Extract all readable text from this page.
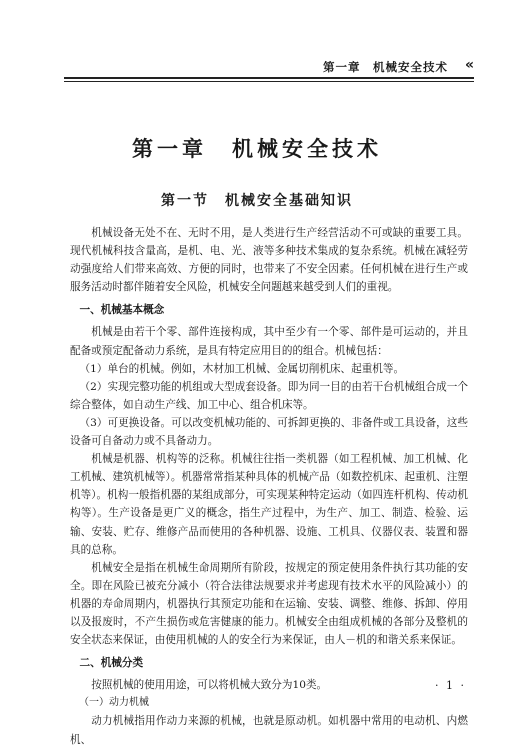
第一章　机械安全技术 «
第一章　机械安全技术
第一节　机械安全基础知识

机械设备无处不在、无时不用，是人类进行生产经营活动不可或缺的重要工具。现代机械科技含量高，是机、电、光、液等多种技术集成的复杂系统。机械在减轻劳动强度给人们带来高效、方便的同时，也带来了不安全因素。任何机械在进行生产或服务活动时都伴随着安全风险，机械安全问题越来越受到人们的重视。

一、机械基本概念

机械是由若干个零、部件连接构成，其中至少有一个零、部件是可运动的，并且配备或预定配备动力系统，是具有特定应用目的的组合。机械包括：

（1）单台的机械。例如，木材加工机械、金属切削机床、起重机等。

（2）实现完整功能的机组或大型成套设备。即为同一目的由若干台机械组合成一个综合整体，如自动生产线、加工中心、组合机床等。

（3）可更换设备。可以改变机械功能的、可拆卸更换的、非备件或工具设备，这些设备可自备动力或不具备动力。

机械是机器、机构等的泛称。机械往往指一类机器（如工程机械、加工机械、化工机械、建筑机械等）。机器常常指某种具体的机械产品（如数控机床、起重机、注塑机等）。机构一般指机器的某组成部分，可实现某种特定运动（如四连杆机构、传动机构等）。生产设备是更广义的概念，指生产过程中，为生产、加工、制造、检验、运输、安装、贮存、维修产品而使用的各种机器、设施、工机具、仪器仪表、装置和器具的总称。

机械安全是指在机械生命周期所有阶段，按规定的预定使用条件执行其功能的安全。即在风险已被充分减小（符合法律法规要求并考虑现有技术水平的风险减小）的机器的寿命周期内，机器执行其预定功能和在运输、安装、调整、维修、拆卸、停用以及报废时，不产生损伤或危害健康的能力。机械安全由组成机械的各部分及整机的安全状态来保证，由使用机械的人的安全行为来保证，由人－机的和谐关系来保证。

二、机械分类

按照机械的使用用途，可以将机械大致分为10类。

（一）动力机械

动力机械指用作动力来源的机械，也就是原动机。如机器中常用的电动机、内燃机、

· 1 ·
